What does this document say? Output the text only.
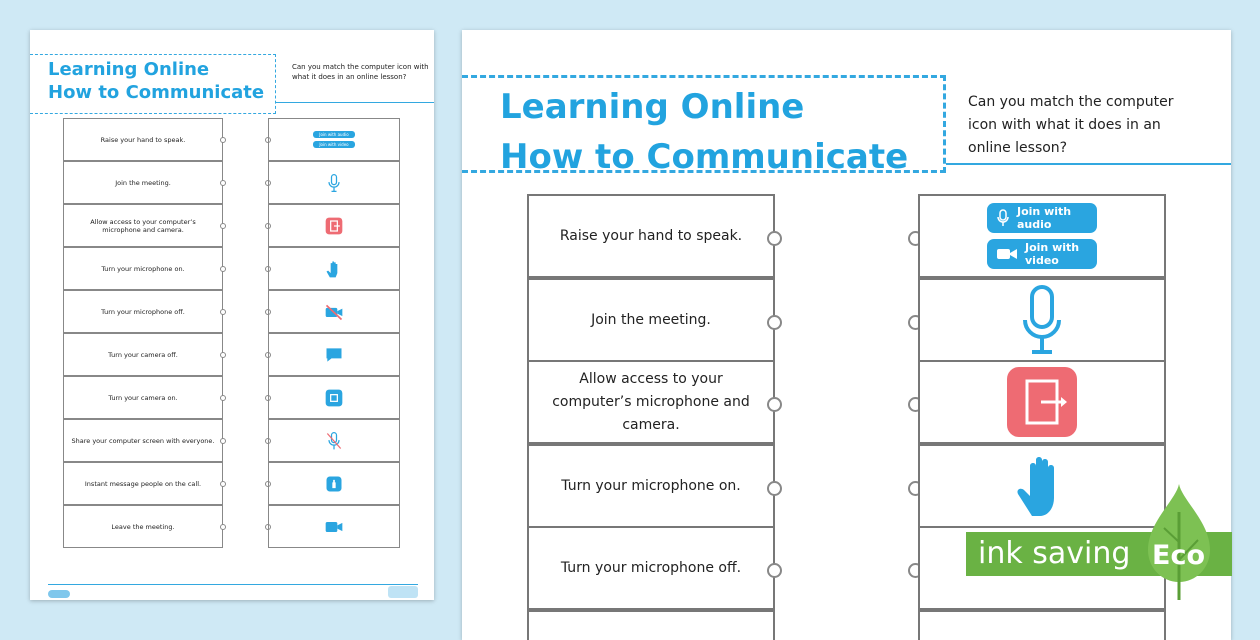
Learning Online
How to Communicate
Can you match the computer icon with what it does in an online lesson?
Raise your hand to speak.
Join the meeting.
Allow access to your computer’s microphone and camera.
Turn your microphone on.
Turn your microphone off.
Turn your camera off.
Turn your camera on.
Share your computer screen with everyone.
Instant message people on the call.
Leave the meeting.
Join with audio
Join with video
Learning Online
How to Communicate
Can you match the computer icon with what it does in an online lesson?
Raise your hand to speak.
Join the meeting.
Allow access to your computer’s microphone and camera.
Turn your microphone on.
Turn your microphone off.
Join with audio
Join with video
ink saving Eco
